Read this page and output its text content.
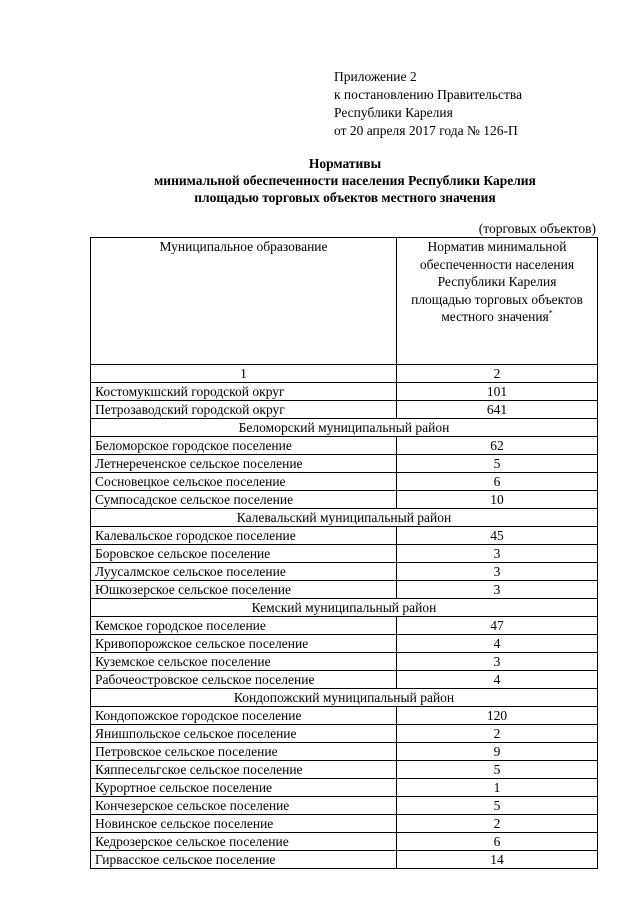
Приложение 2
к постановлению Правительства
Республики Карелия
от 20 апреля 2017 года № 126-П
Нормативы
минимальной обеспеченности населения Республики Карелия
площадью торговых объектов местного значения
(торговых объектов)
Муниципальное образование	Норматив минимальной обеспеченности населения Республики Карелия площадью торговых объектов местного значения*

1	2
Костомукшский городской округ	101
Петрозаводский городской округ	641
Беломорский муниципальный район	
Беломорское городское поселение	62
Летнереченское сельское поселение	5
Сосновецкое сельское поселение	6
Сумпосадское сельское поселение	10
Калевальский муниципальный район	
Калевальское городское поселение	45
Боровское сельское поселение	3
Луусалмское сельское поселение	3
Юшкозерское сельское поселение	3
Кемский муниципальный район	
Кемское городское поселение	47
Кривопорожское сельское поселение	4
Куземское сельское поселение	3
Рабочеостровское сельское поселение	4
Кондопожский муниципальный район	
Кондопожское городское поселение	120
Янишпольское сельское поселение	2
Петровское сельское поселение	9
Кяппесельгское сельское поселение	5
Курортное сельское поселение	1
Кончезерское сельское поселение	5
Новинское сельское поселение	2
Кедрозерское сельское поселение	6
Гирвасское сельское поселение	14
